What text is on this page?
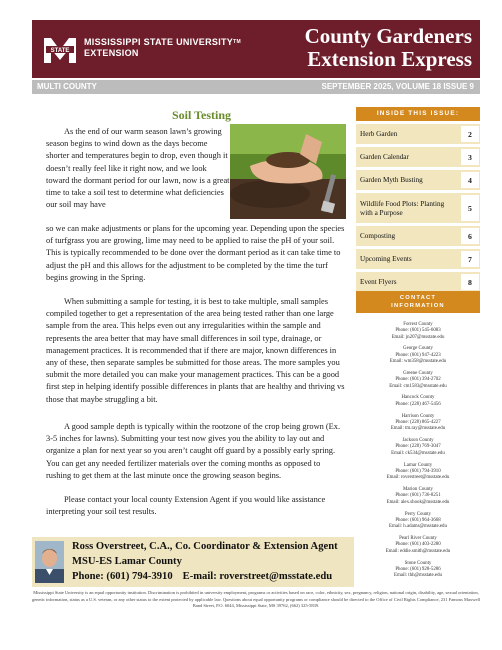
STATE
MISSISSIPPI STATE UNIVERSITY™
EXTENSION
County Gardeners
Extension Express
MULTI COUNTY	SEPTEMBER 2025, VOLUME 18 ISSUE 9
Soil Testing
As the end of our warm season lawn’s growing season begins to wind down as the days become shorter and temperatures begin to drop, even though it doesn’t really feel like it right now, and we look toward the dormant period for our lawn, now is a great time to take a soil test to determine what deficiencies our soil may have
so we can make adjustments or plans for the upcoming year. Depending upon the species of turfgrass you are growing, lime may need to be applied to raise the pH of your soil. This is typically recommended to be done over the dormant period as it can take time to adjust the pH and this allows for the adjustment to be completed by the time the turf begins growing in the Spring.
When submitting a sample for testing, it is best to take multiple, small samples compiled together to get a representation of the area being tested rather than one large sample from the area. This helps even out any irregularities within the sample and represents the area better that may have small differences in soil type, drainage, or management practices. It is recommended that if there are major, known differences in any of these, then separate samples be submitted for those areas. The more samples you submit the more detailed you can make your management practices. This can be a good first step in helping identify possible differences in plants that are healthy and thriving vs those that maybe struggling a bit.
A good sample depth is typically within the rootzone of the crop being grown (Ex. 3-5 inches for lawns). Submitting your test now gives you the ability to lay out and organize a plan for next year so you aren’t caught off guard by a possibly early spring. You can get any needed fertilizer materials over the coming months as opposed to rushing to get them at the last minute once the growing season begins.
Please contact your local county Extension Agent if you would like assistance interpreting your soil test results.
INSIDE THIS ISSUE:
Herb Garden	2
Garden Calendar	3
Garden Myth Busting	4
Wildlife Food Plots: Planting with a Purpose
5
Composting	6
Upcoming Events	7
Event Flyers	8
CONTACT INFORMATION
Forrest County
Phone: (601) 545-6083
Email: jn207@msstate.edu
George County
Phone: (601) 947-4223
Email: wm358@msstate.edu
Greene County
Phone: (601) 394-2702
Email: cm1583@msstate.edu
Hancock County
Phone: (228) 467-5456
Harrison County
Phone: (228) 865-4227
Email: tm.ray@msstate.edu
Jackson County
Phone: (228) 769-3047
Email: ck534@msstate.edu
Lamar County
Phone: (601) 794-3910
Email: roverstreet@msstate.edu
Marion County
Phone: (601) 736-8251
Email: alex.shook@msstate.edu
Perry County
Phone: (601) 964-3668
Email: h.adams@msstate.edu
Pearl River County
Phone: (601) 403-2280
Email: eddie.smith@msstate.edu
Stone County
Phone: (601) 928-5286
Email: thh@msstate.edu
Ross Overstreet, C.A., Co. Coordinator & Extension Agent
MSU-ES Lamar County
Phone: (601) 794-3910 E-mail: roverstreet@msstate.edu
Mississippi State University is an equal opportunity institution. Discrimination is prohibited in university employment, programs or activities based on race, color, ethnicity, sex, pregnancy, religion, national origin, disability, age, sexual orientation, genetic information, status as a U.S. veteran, or any other status to the extent protected by applicable law. Questions about equal opportunity programs or compliance should be directed to the Office of Civil Rights Compliance, 231 Famous Maxwell Band Street, P.O. 6044, Mississippi State, MS 39762, (662) 325-5839.
